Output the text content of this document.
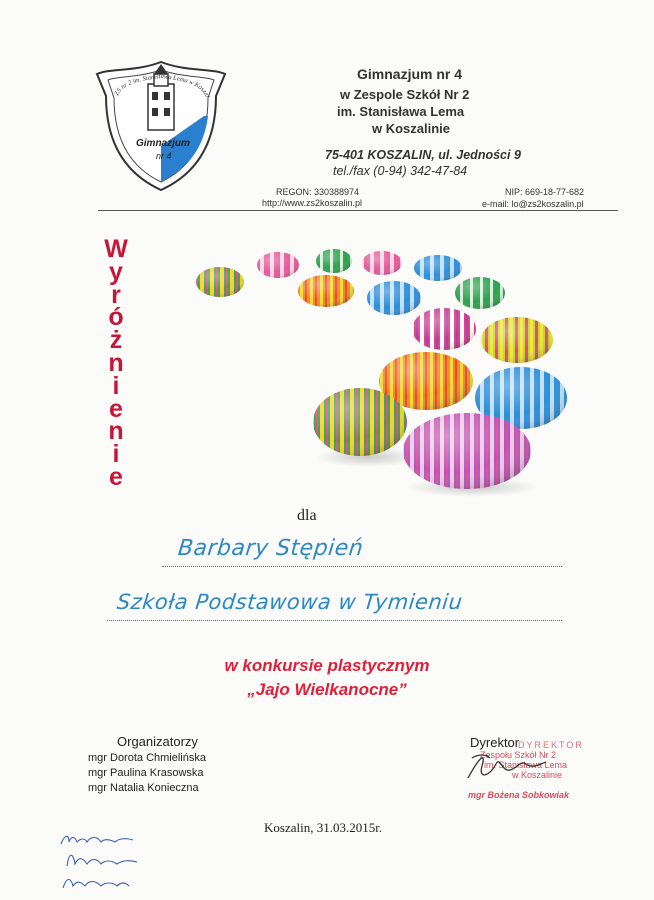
ZS nr 2 im. Stanisława Lema w Koszal
Gimnazjum
nr 4
Gimnazjum nr 4
w Zespole Szkół Nr 2
im. Stanisława Lema
w Koszalinie
75-401 KOSZALIN, ul. Jedności 9
tel./fax (0-94) 342-47-84
REGON: 330388974	NIP: 669-18-77-682
http://www.zs2koszalin.pl	e-mail: lo@zs2koszalin.pl
W
y
r
ó
ż
n
i
e
n
i
e
dla
Barbary Stępień
Szkoła Podstawowa w Tymieniu
w konkursie plastycznym
„Jajo Wielkanocne”
Organizatorzy
mgr Dorota Chmielińska
mgr Paulina Krasowska
mgr Natalia Konieczna
Dyrektor
DYREKTOR
Zespołu Szkół Nr 2
im. Stanisława Lema
w Koszalinie
mgr Bożena Sobkowiak
Koszalin, 31.03.2015r.
